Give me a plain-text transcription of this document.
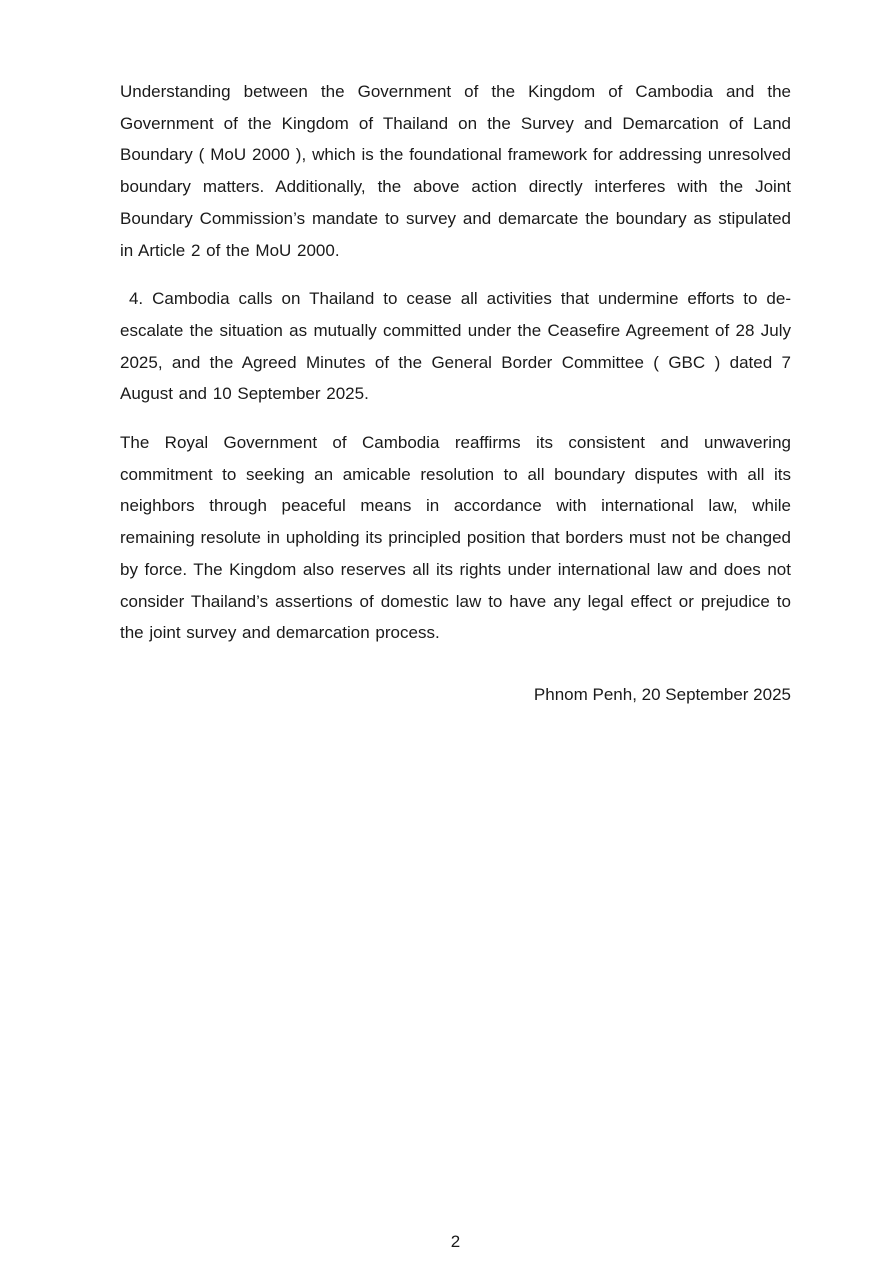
Understanding between the Government of the Kingdom of Cambodia and the Government of the Kingdom of Thailand on the Survey and Demarcation of Land Boundary ( MoU 2000 ), which is the foundational framework for addressing unresolved boundary matters. Additionally, the above action directly interferes with the Joint Boundary Commission’s mandate to survey and demarcate the boundary as stipulated in Article 2 of the MoU 2000.

4. Cambodia calls on Thailand to cease all activities that undermine efforts to de-escalate the situation as mutually committed under the Ceasefire Agreement of 28 July 2025, and the Agreed Minutes of the General Border Committee ( GBC ) dated 7 August and 10 September 2025.

The Royal Government of Cambodia reaffirms its consistent and unwavering commitment to seeking an amicable resolution to all boundary disputes with all its neighbors through peaceful means in accordance with international law, while remaining resolute in upholding its principled position that borders must not be changed by force. The Kingdom also reserves all its rights under international law and does not consider Thailand’s assertions of domestic law to have any legal effect or prejudice to the joint survey and demarcation process.

Phnom Penh, 20 September 2025

2
